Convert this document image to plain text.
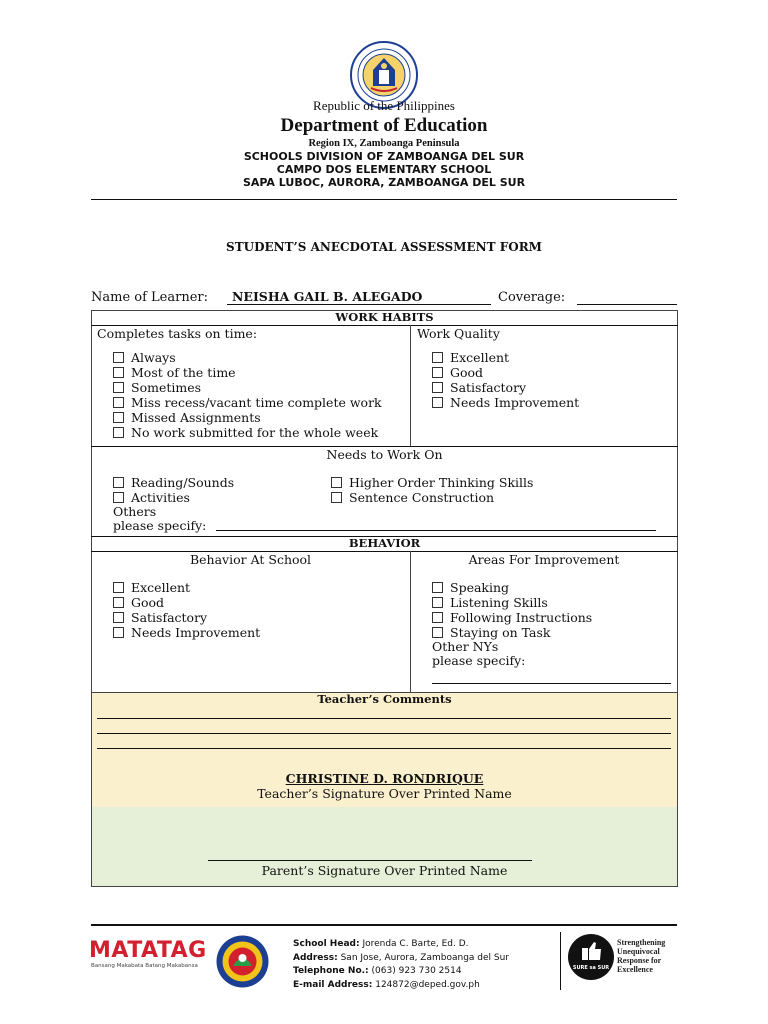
Republic of the Philippines
Department of Education
Region IX, Zamboanga Peninsula
SCHOOLS DIVISION OF ZAMBOANGA DEL SUR
CAMPO DOS ELEMENTARY SCHOOL
SAPA LUBOC, AURORA, ZAMBOANGA DEL SUR
STUDENT’S ANECDOTAL ASSESSMENT FORM
Name of Learner: NEISHA GAIL B. ALEGADO	Coverage:
WORK HABITS
Completes tasks on time:
Always
Most of the time
Sometimes
Miss recess/vacant time complete work
Missed Assignments
No work submitted for the whole week
Work Quality
Excellent
Good
Satisfactory
Needs Improvement
Needs to Work On
Reading/Sounds
Activities
Higher Order Thinking Skills
Sentence Construction
Others
please specify:
BEHAVIOR
Behavior At School
Excellent
Good
Satisfactory
Needs Improvement
Areas For Improvement
Speaking
Listening Skills
Following Instructions
Staying on Task
Other NYs
please specify:
Teacher’s Comments
CHRISTINE D. RONDRIQUE
Teacher’s Signature Over Printed Name
Parent’s Signature Over Printed Name
MATATAG
Bansang Makabata Batang Makabansa
School Head: Jorenda C. Barte, Ed. D.
Address: San Jose, Aurora, Zamboanga del Sur
Telephone No.: (063) 923 730 2514
E-mail Address: 124872@deped.gov.ph
SURE sa SUR
Strengthening
Unequivocal
Response for
Excellence
